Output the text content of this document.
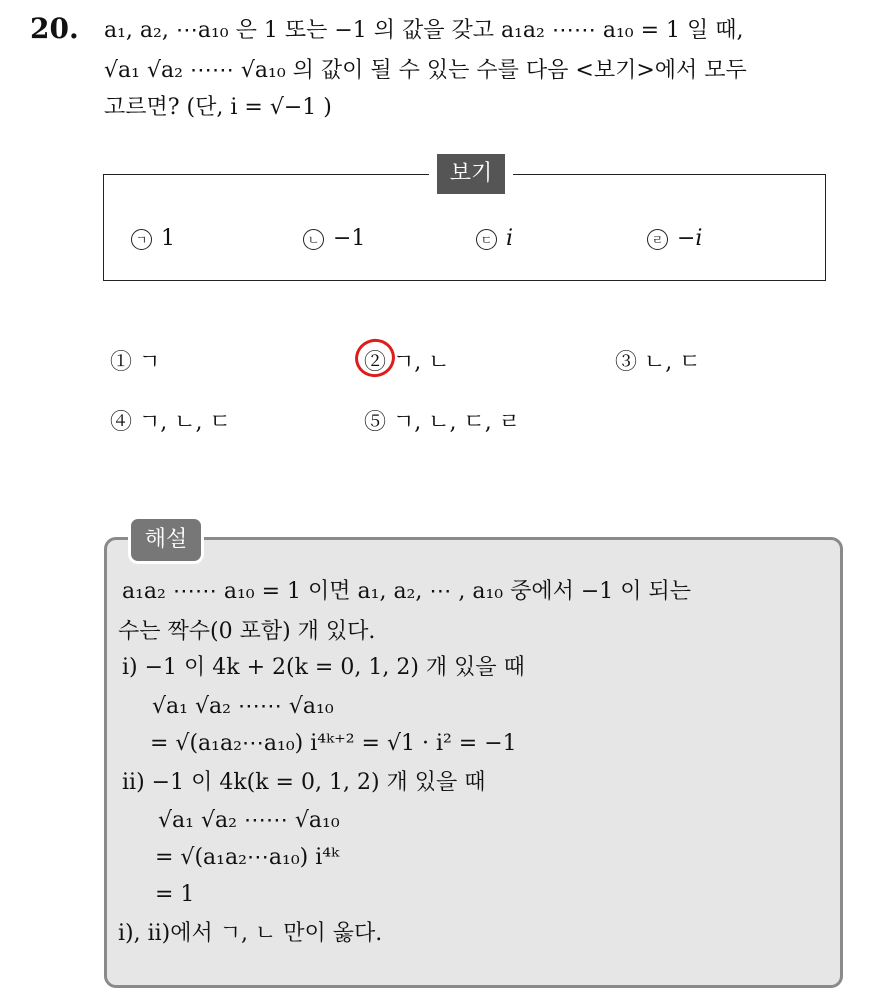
20. a₁, a₂, ⋯a₁₀ 은 1 또는 −1 의 값을 갖고 a₁a₂ ⋯⋯ a₁₀ = 1 일 때,
√a₁ √a₂ ⋯⋯ √a₁₀ 의 값이 될 수 있는 수를 다음 <보기>에서 모두
고르면? (단, i = √−1 )
보기
ㄱ 1	ㄴ −1	ㄷ i	ㄹ −i
① ㄱ	② ㄱ, ㄴ	③ ㄴ, ㄷ
④ ㄱ, ㄴ, ㄷ	⑤ ㄱ, ㄴ, ㄷ, ㄹ
해설
a₁a₂ ⋯⋯ a₁₀ = 1 이면 a₁, a₂, ⋯ , a₁₀ 중에서 −1 이 되는
수는 짝수(0 포함) 개 있다.
i) −1 이 4k + 2(k = 0, 1, 2) 개 있을 때
√a₁ √a₂ ⋯⋯ √a₁₀
= √(a₁a₂⋯a₁₀) i⁴ᵏ⁺² = √1 · i² = −1
ii) −1 이 4k(k = 0, 1, 2) 개 있을 때
√a₁ √a₂ ⋯⋯ √a₁₀
= √(a₁a₂⋯a₁₀) i⁴ᵏ
= 1
i), ii)에서 ㄱ, ㄴ 만이 옳다.
